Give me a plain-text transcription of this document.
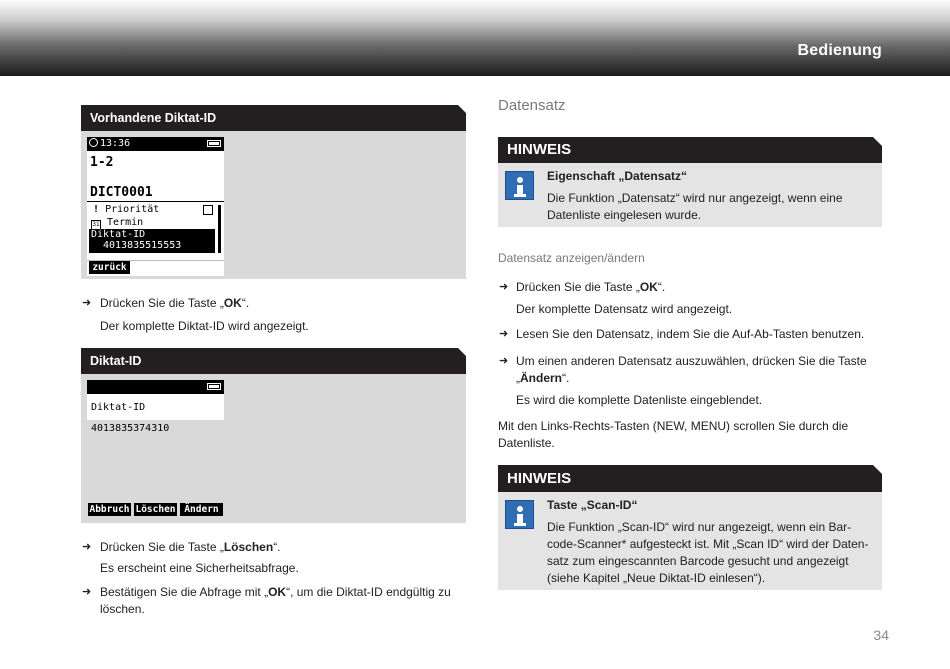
Bedienung
Vorhandene Diktat-ID
13:36
1-2
DICT0001
! Priorität
31 Termin
Diktat-ID
4013835515553
zurück
➜ Drücken Sie die Taste „OK“.
Der komplette Diktat-ID wird angezeigt.
Diktat-ID
Diktat-ID
4013835374310
Abbruch Löschen Ändern
➜ Drücken Sie die Taste „Löschen“.
Es erscheint eine Sicherheitsabfrage.
➜ Bestätigen Sie die Abfrage mit „OK“, um die Diktat-ID endgültig zu
löschen.
Datensatz
HINWEIS
Eigenschaft „Datensatz“
Die Funktion „Datensatz“ wird nur angezeigt, wenn eine
Datenliste eingelesen wurde.
Datensatz anzeigen/ändern
➜ Drücken Sie die Taste „OK“.
Der komplette Datensatz wird angezeigt.
➜ Lesen Sie den Datensatz, indem Sie die Auf-Ab-Tasten benutzen.
➜ Um einen anderen Datensatz auszuwählen, drücken Sie die Taste
„Ändern“.
Es wird die komplette Datenliste eingeblendet.
Mit den Links-Rechts-Tasten (NEW, MENU) scrollen Sie durch die
Datenliste.
HINWEIS
Taste „Scan-ID“
Die Funktion „Scan-ID“ wird nur angezeigt, wenn ein Bar-
code-Scanner* aufgesteckt ist. Mit „Scan ID“ wird der Daten-
satz zum eingescannten Barcode gesucht und angezeigt
(siehe Kapitel „Neue Diktat-ID einlesen“).
34
